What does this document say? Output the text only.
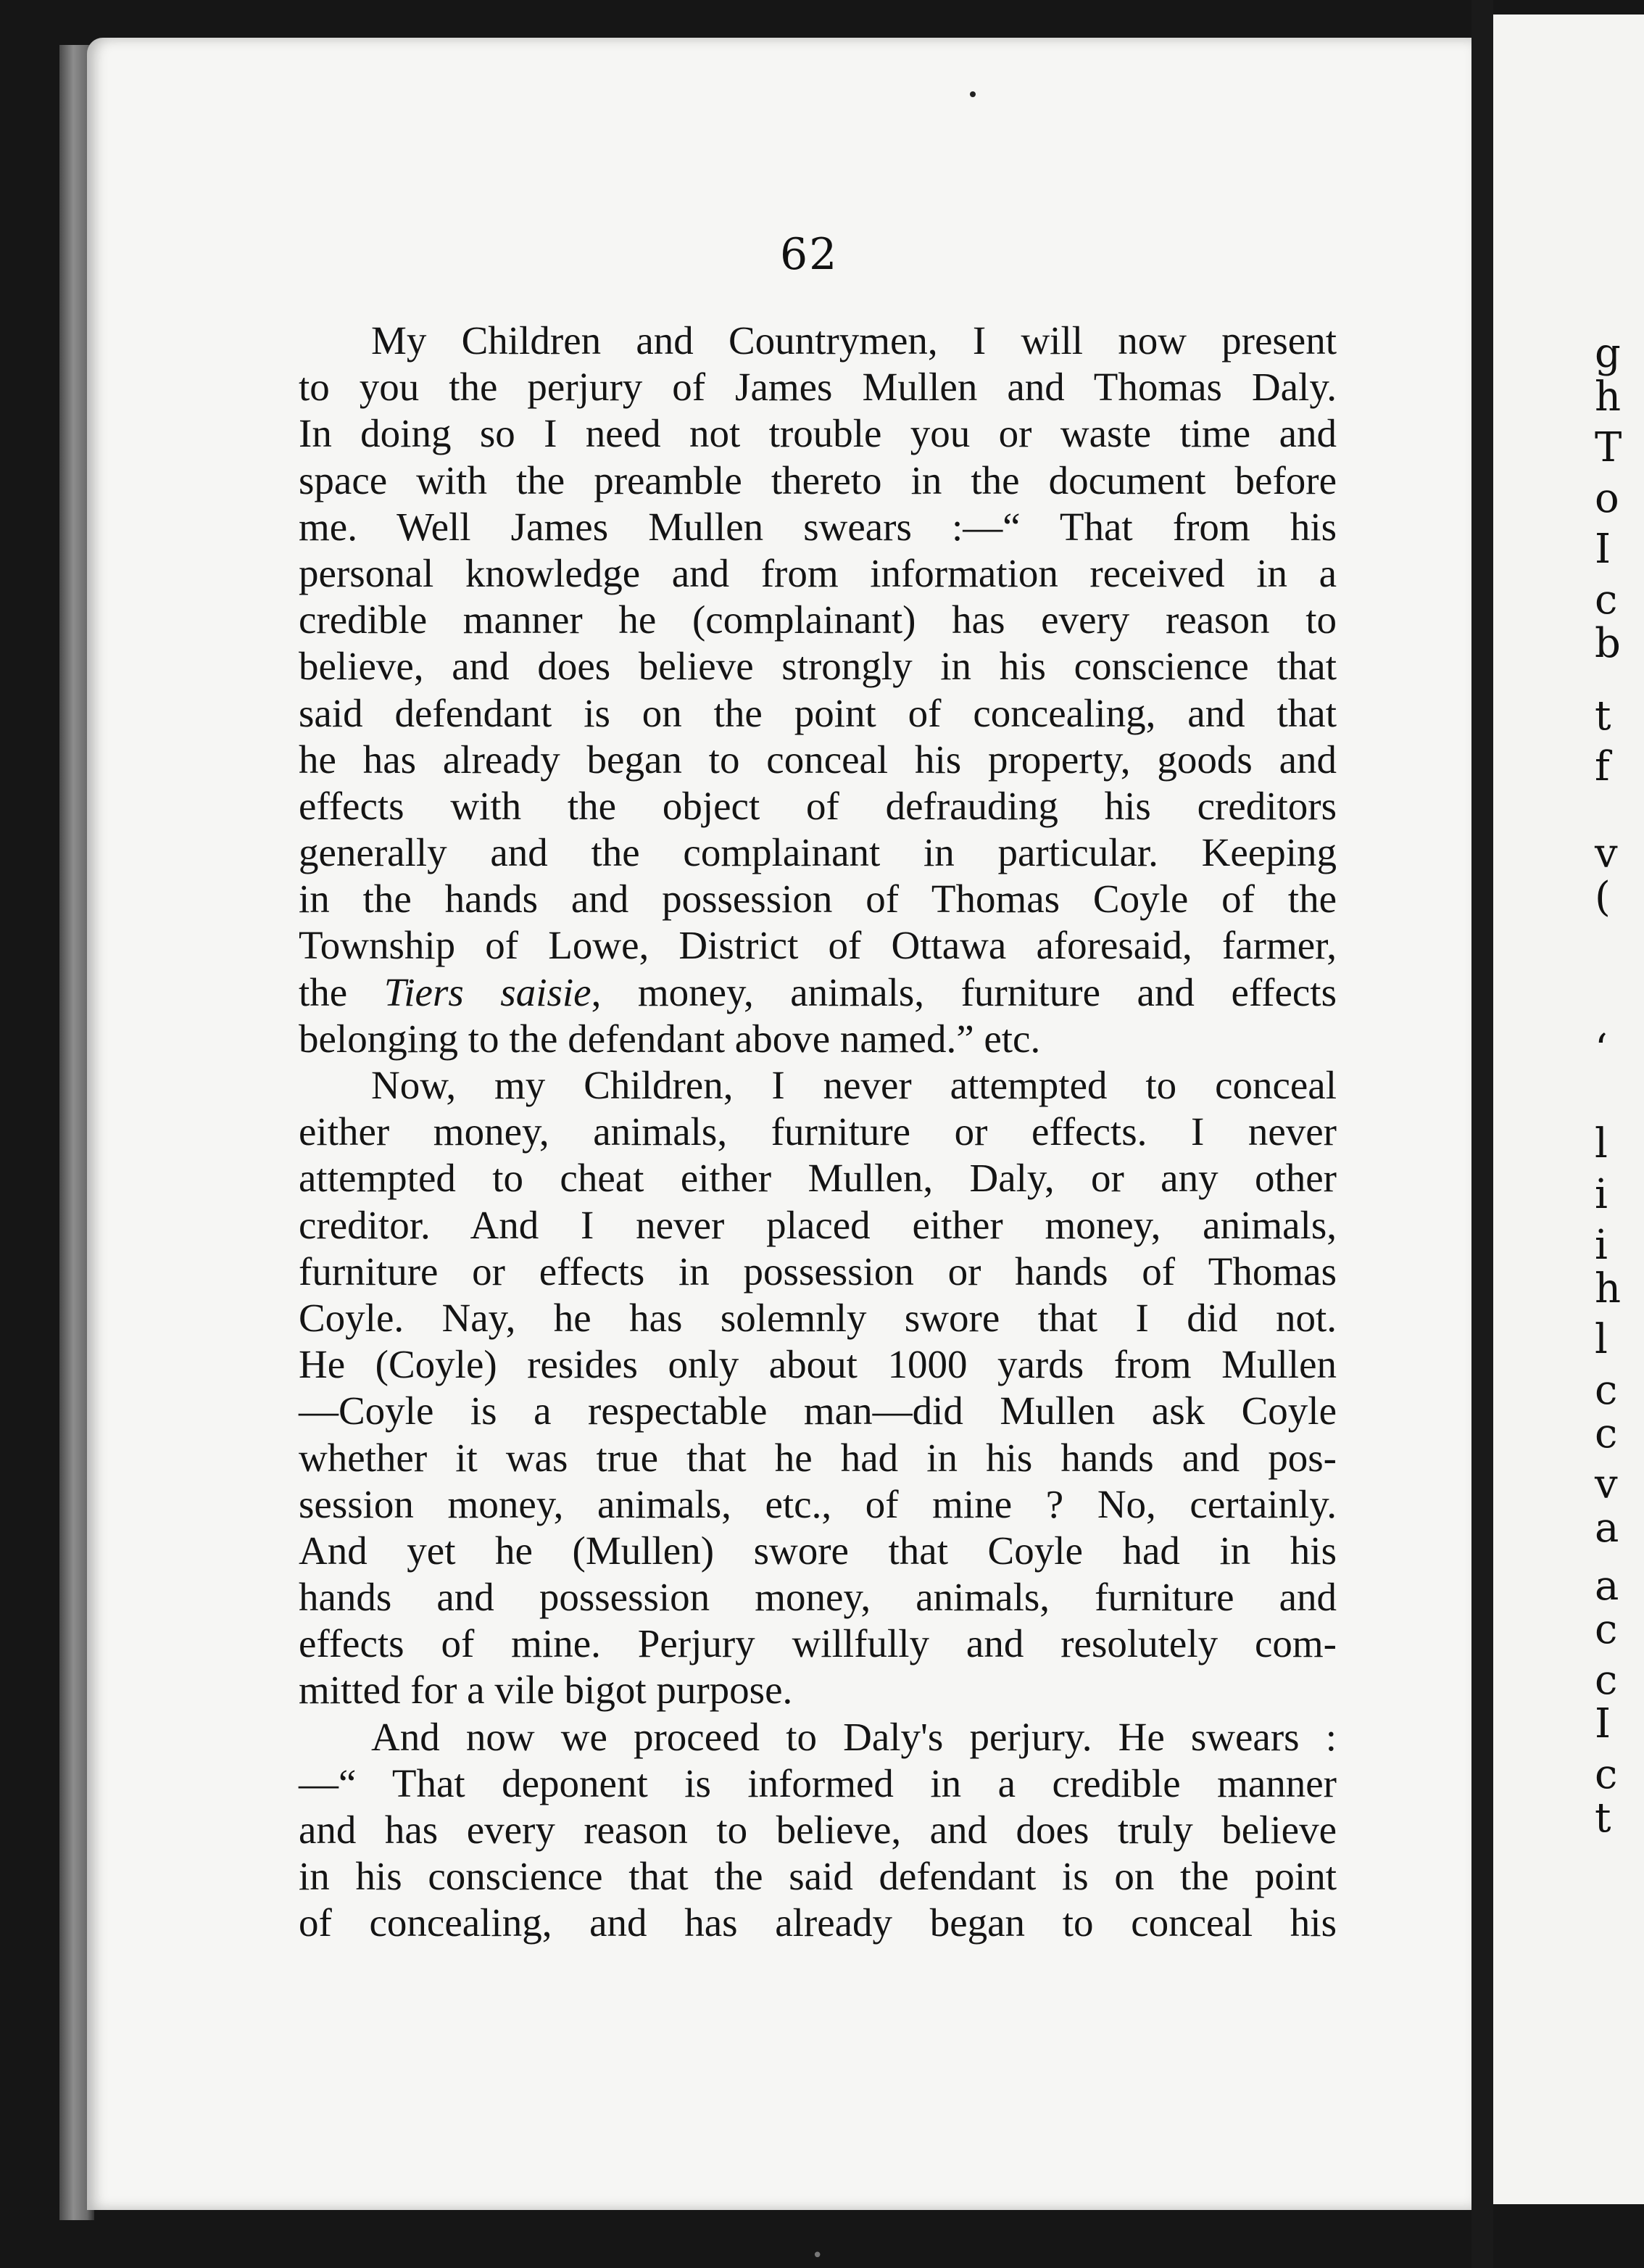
g
h
T
o
I
c
b
t
f
v
(
‘
l
i
i
h
l
c
c
v
a
a
c
c
I
c
t
62
My Children and Countrymen, I will now present
to you the perjury of James Mullen and Thomas Daly.
In doing so I need not trouble you or waste time and
space with the preamble thereto in the document before
me. Well James Mullen swears :—“ That from his
personal knowledge and from information received in a
credible manner he (complainant) has every reason to
believe, and does believe strongly in his conscience that
said defendant is on the point of concealing, and that
he has already began to conceal his property, goods and
effects with the object of defrauding his creditors
generally and the complainant in particular. Keeping
in the hands and possession of Thomas Coyle of the
Township of Lowe, District of Ottawa aforesaid, farmer,
the Tiers saisie, money, animals, furniture and effects
belonging to the defendant above named.” etc.
Now, my Children, I never attempted to conceal
either money, animals, furniture or effects. I never
attempted to cheat either Mullen, Daly, or any other
creditor. And I never placed either money, animals,
furniture or effects in possession or hands of Thomas
Coyle. Nay, he has solemnly swore that I did not.
He (Coyle) resides only about 1000 yards from Mullen
—Coyle is a respectable man—did Mullen ask Coyle
whether it was true that he had in his hands and pos-
session money, animals, etc., of mine ? No, certainly.
And yet he (Mullen) swore that Coyle had in his
hands and possession money, animals, furniture and
effects of mine. Perjury willfully and resolutely com-
mitted for a vile bigot purpose.
And now we proceed to Daly's perjury. He swears :
—“ That deponent is informed in a credible manner
and has every reason to believe, and does truly believe
in his conscience that the said defendant is on the point
of concealing, and has already began to conceal his
•
